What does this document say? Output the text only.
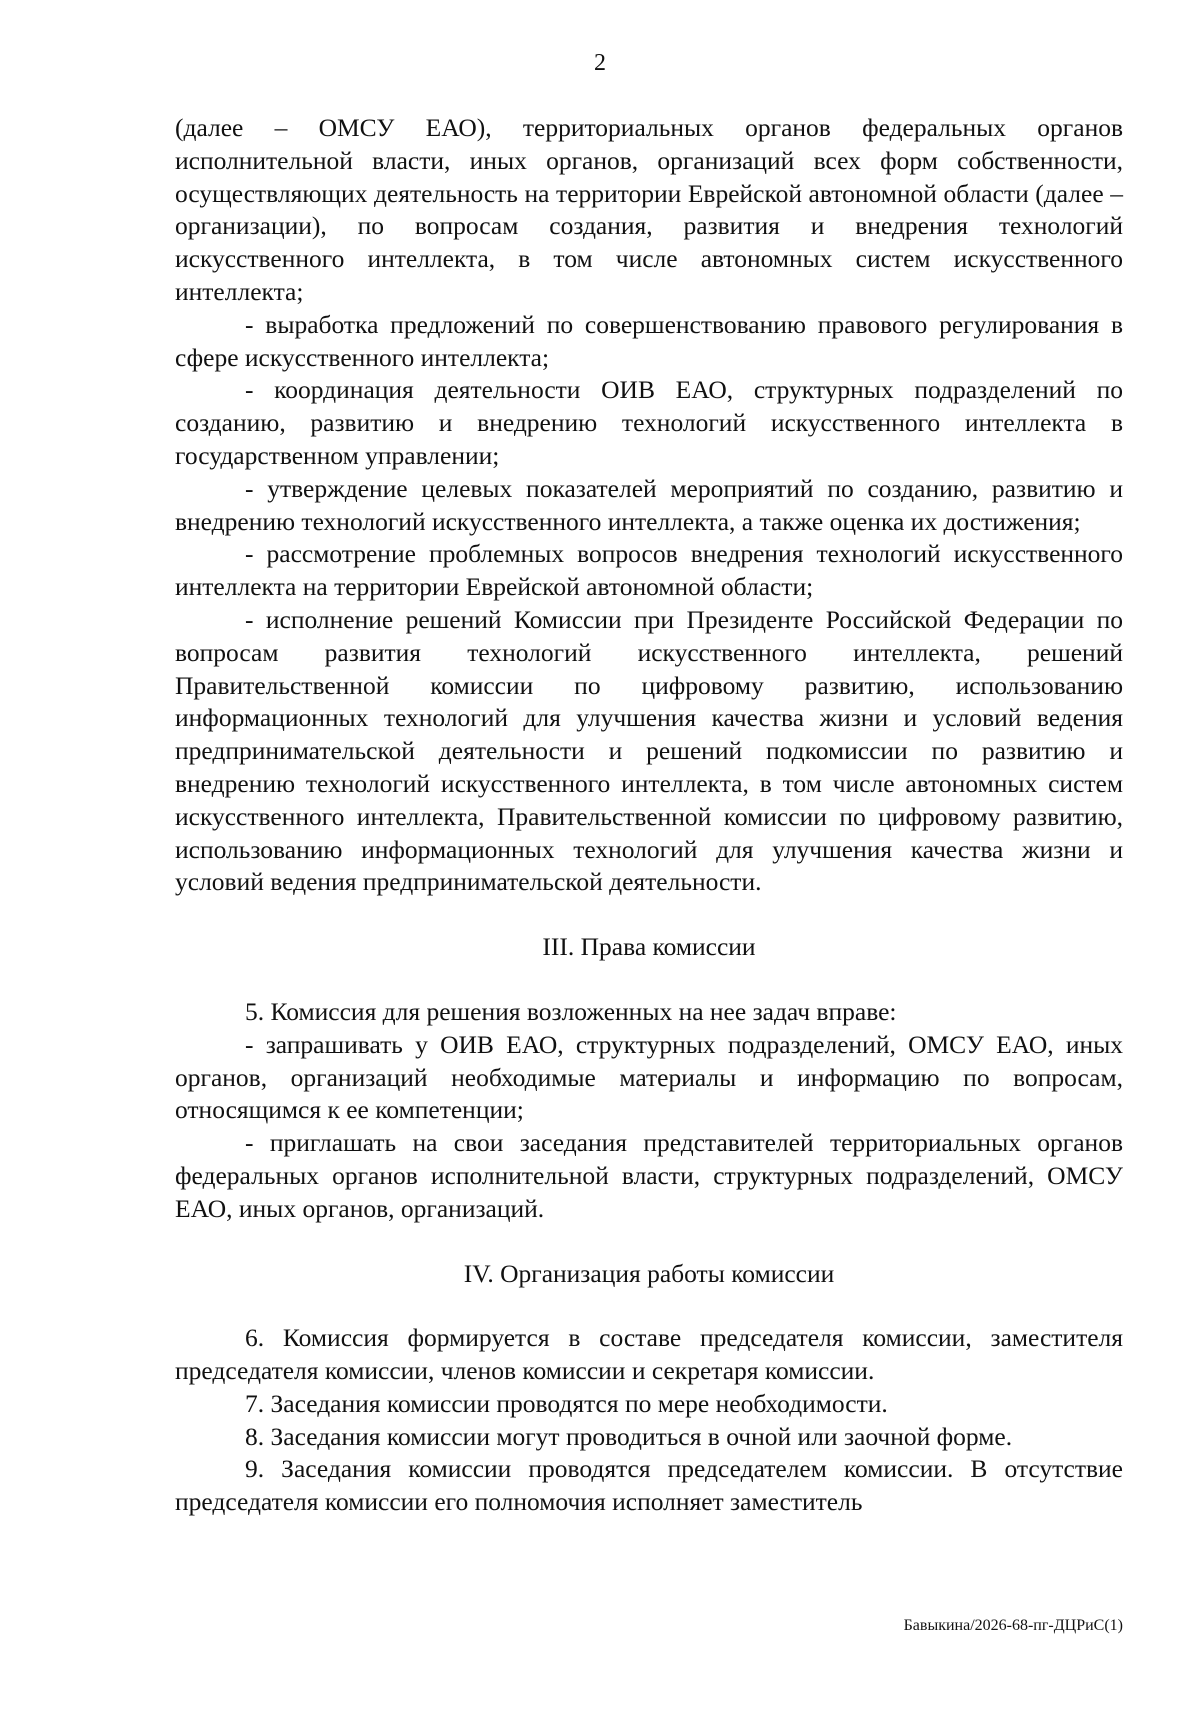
2

(далее – ОМСУ ЕАО), территориальных органов федеральных органов исполнительной власти, иных органов, организаций всех форм собственности, осуществляющих деятельность на территории Еврейской автономной области (далее – организации), по вопросам создания, развития и внедрения технологий искусственного интеллекта, в том числе автономных систем искусственного интеллекта;

- выработка предложений по совершенствованию правового регулирования в сфере искусственного интеллекта;

- координация деятельности ОИВ ЕАО, структурных подразделений по созданию, развитию и внедрению технологий искусственного интеллекта в государственном управлении;

- утверждение целевых показателей мероприятий по созданию, развитию и внедрению технологий искусственного интеллекта, а также оценка их достижения;

- рассмотрение проблемных вопросов внедрения технологий искусственного интеллекта на территории Еврейской автономной области;

- исполнение решений Комиссии при Президенте Российской Федерации по вопросам развития технологий искусственного интеллекта, решений Правительственной комиссии по цифровому развитию, использованию информационных технологий для улучшения качества жизни и условий ведения предпринимательской деятельности и решений подкомиссии по развитию и внедрению технологий искусственного интеллекта, в том числе автономных систем искусственного интеллекта, Правительственной комиссии по цифровому развитию, использованию информационных технологий для улучшения качества жизни и условий ведения предпринимательской деятельности.

III. Права комиссии

5. Комиссия для решения возложенных на нее задач вправе:

- запрашивать у ОИВ ЕАО, структурных подразделений, ОМСУ ЕАО, иных органов, организаций необходимые материалы и информацию по вопросам, относящимся к ее компетенции;

- приглашать на свои заседания представителей территориальных органов федеральных органов исполнительной власти, структурных подразделений, ОМСУ ЕАО, иных органов, организаций.

IV. Организация работы комиссии

6. Комиссия формируется в составе председателя комиссии, заместителя председателя комиссии, членов комиссии и секретаря комиссии.

7. Заседания комиссии проводятся по мере необходимости.

8. Заседания комиссии могут проводиться в очной или заочной форме.

9. Заседания комиссии проводятся председателем комиссии. В отсутствие председателя комиссии его полномочия исполняет заместитель

Бавыкина/2026-68-пг-ДЦРиС(1)
